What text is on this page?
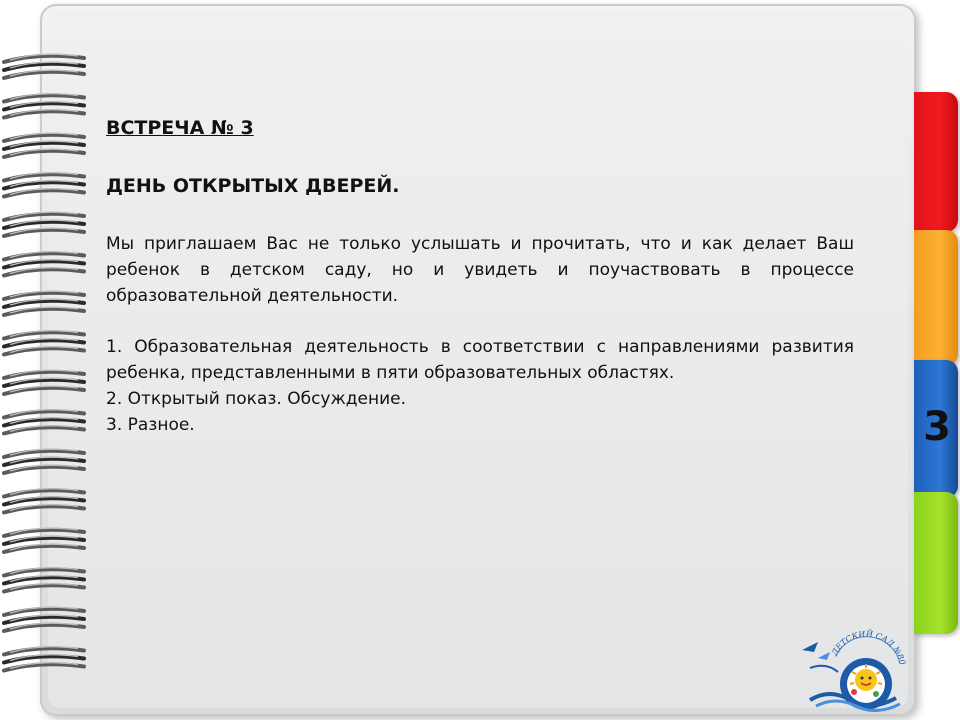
3

ВСТРЕЧА № 3

ДЕНЬ ОТКРЫТЫХ ДВЕРЕЙ.

Мы приглашаем Вас не только услышать и прочитать, что и как делает Ваш ребенок в детском саду, но и увидеть и поучаствовать в процессе образовательной деятельности.

1. Образовательная деятельность в соответствии с направлениями развития ребенка, представленными в пяти образовательных областях.
2. Открытый показ. Обсуждение.
3. Разное.
ДЕТСКИЙ САД №80
